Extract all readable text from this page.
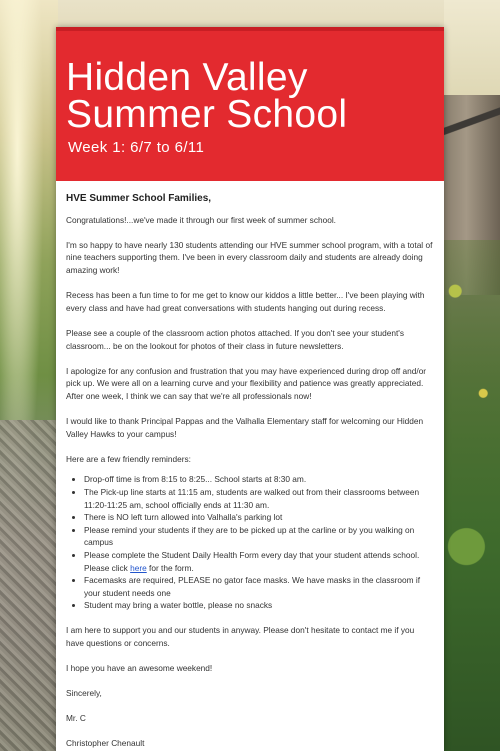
Hidden Valley
Summer School
Week 1: 6/7 to 6/11
HVE Summer School Families,

Congratulations!...we've made it through our first week of summer school.

I'm so happy to have nearly 130 students attending our HVE summer school program, with a total of nine teachers supporting them. I've been in every classroom daily and students are already doing amazing work!

Recess has been a fun time to for me get to know our kiddos a little better... I've been playing with every class and have had great conversations with students hanging out during recess.

Please see a couple of the classroom action photos attached. If you don't see your student's classroom... be on the lookout for photos of their class in future newsletters.

I apologize for any confusion and frustration that you may have experienced during drop off and/or pick up. We were all on a learning curve and your flexibility and patience was greatly appreciated. After one week, I think we can say that we're all professionals now!

I would like to thank Principal Pappas and the Valhalla Elementary staff for welcoming our Hidden Valley Hawks to your campus!

Here are a few friendly reminders:

• Drop-off time is from 8:15 to 8:25... School starts at 8:30 am.
• The Pick-up line starts at 11:15 am, students are walked out from their classrooms between 11:20-11:25 am, school officially ends at 11:30 am.
• There is NO left turn allowed into Valhalla's parking lot
• Please remind your students if they are to be picked up at the carline or by you walking on campus
• Please complete the Student Daily Health Form every day that your student attends school. Please click here for the form.
• Facemasks are required, PLEASE no gator face masks. We have masks in the classroom if your student needs one
• Student may bring a water bottle, please no snacks

I am here to support you and our students in anyway. Please don't hesitate to contact me if you have questions or concerns.

I hope you have an awesome weekend!

Sincerely,

Mr. C

Christopher Chenault
